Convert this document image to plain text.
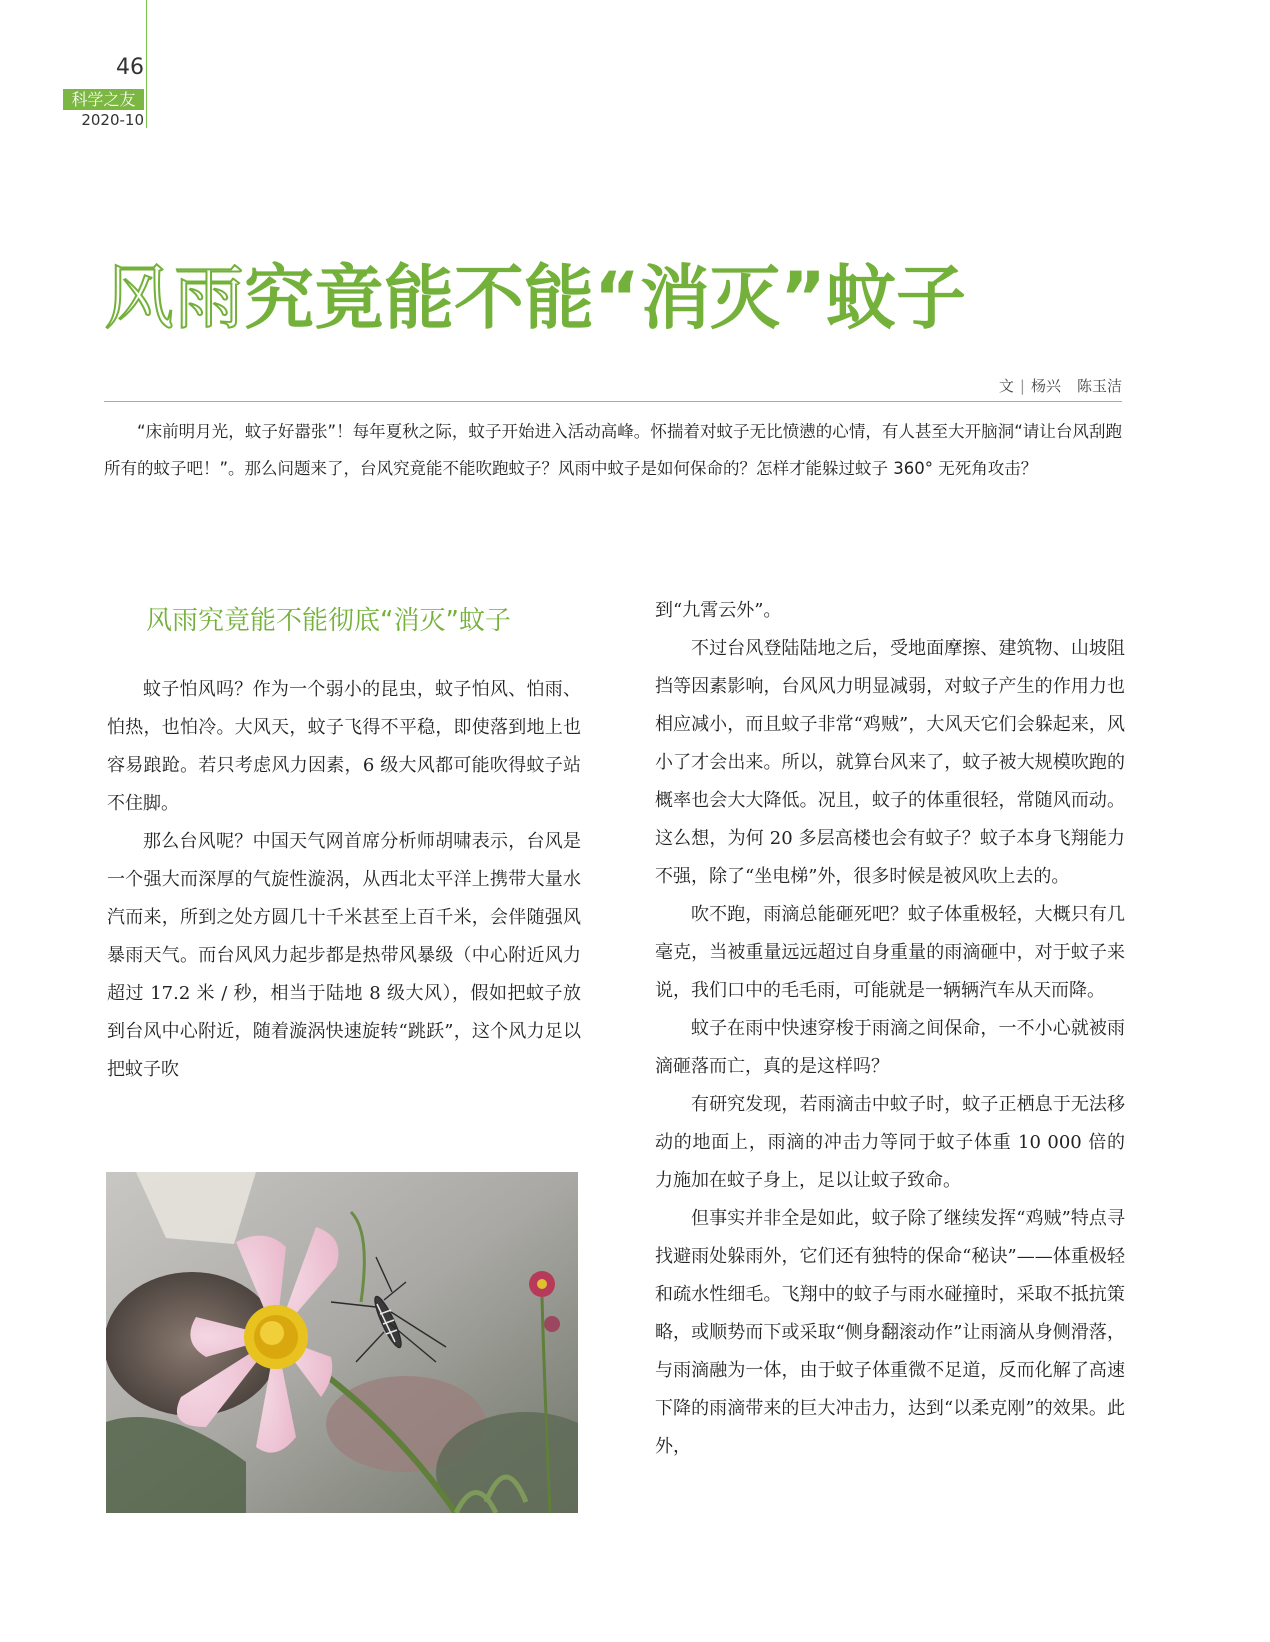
46
科学之友
2020-10
风雨究竟能不能“消灭”蚊子
文 | 杨兴 陈玉洁

“床前明月光，蚊子好嚣张”！每年夏秋之际，蚊子开始进入活动高峰。怀揣着对蚊子无比愤懑的心情，有人甚至大开脑洞“请让台风刮跑所有的蚊子吧！”。那么问题来了，台风究竟能不能吹跑蚊子？风雨中蚊子是如何保命的？怎样才能躲过蚊子 360° 无死角攻击？

风雨究竟能不能彻底“消灭”蚊子

蚊子怕风吗？作为一个弱小的昆虫，蚊子怕风、怕雨、怕热，也怕冷。大风天，蚊子飞得不平稳，即使落到地上也容易踉跄。若只考虑风力因素，6 级大风都可能吹得蚊子站不住脚。

那么台风呢？中国天气网首席分析师胡啸表示，台风是一个强大而深厚的气旋性漩涡，从西北太平洋上携带大量水汽而来，所到之处方圆几十千米甚至上百千米，会伴随强风暴雨天气。而台风风力起步都是热带风暴级（中心附近风力超过 17.2 米 / 秒，相当于陆地 8 级大风），假如把蚊子放到台风中心附近，随着漩涡快速旋转“跳跃”，这个风力足以把蚊子吹

到“九霄云外”。

不过台风登陆陆地之后，受地面摩擦、建筑物、山坡阻挡等因素影响，台风风力明显减弱，对蚊子产生的作用力也相应减小，而且蚊子非常“鸡贼”，大风天它们会躲起来，风小了才会出来。所以，就算台风来了，蚊子被大规模吹跑的概率也会大大降低。况且，蚊子的体重很轻，常随风而动。这么想，为何 20 多层高楼也会有蚊子？蚊子本身飞翔能力不强，除了“坐电梯”外，很多时候是被风吹上去的。

吹不跑，雨滴总能砸死吧？蚊子体重极轻，大概只有几毫克，当被重量远远超过自身重量的雨滴砸中，对于蚊子来说，我们口中的毛毛雨，可能就是一辆辆汽车从天而降。

蚊子在雨中快速穿梭于雨滴之间保命，一不小心就被雨滴砸落而亡，真的是这样吗？

有研究发现，若雨滴击中蚊子时，蚊子正栖息于无法移动的地面上，雨滴的冲击力等同于蚊子体重 10 000 倍的力施加在蚊子身上，足以让蚊子致命。

但事实并非全是如此，蚊子除了继续发挥“鸡贼”特点寻找避雨处躲雨外，它们还有独特的保命“秘诀”——体重极轻和疏水性细毛。飞翔中的蚊子与雨水碰撞时，采取不抵抗策略，或顺势而下或采取“侧身翻滚动作”让雨滴从身侧滑落，与雨滴融为一体，由于蚊子体重微不足道，反而化解了高速下降的雨滴带来的巨大冲击力，达到“以柔克刚”的效果。此外，
